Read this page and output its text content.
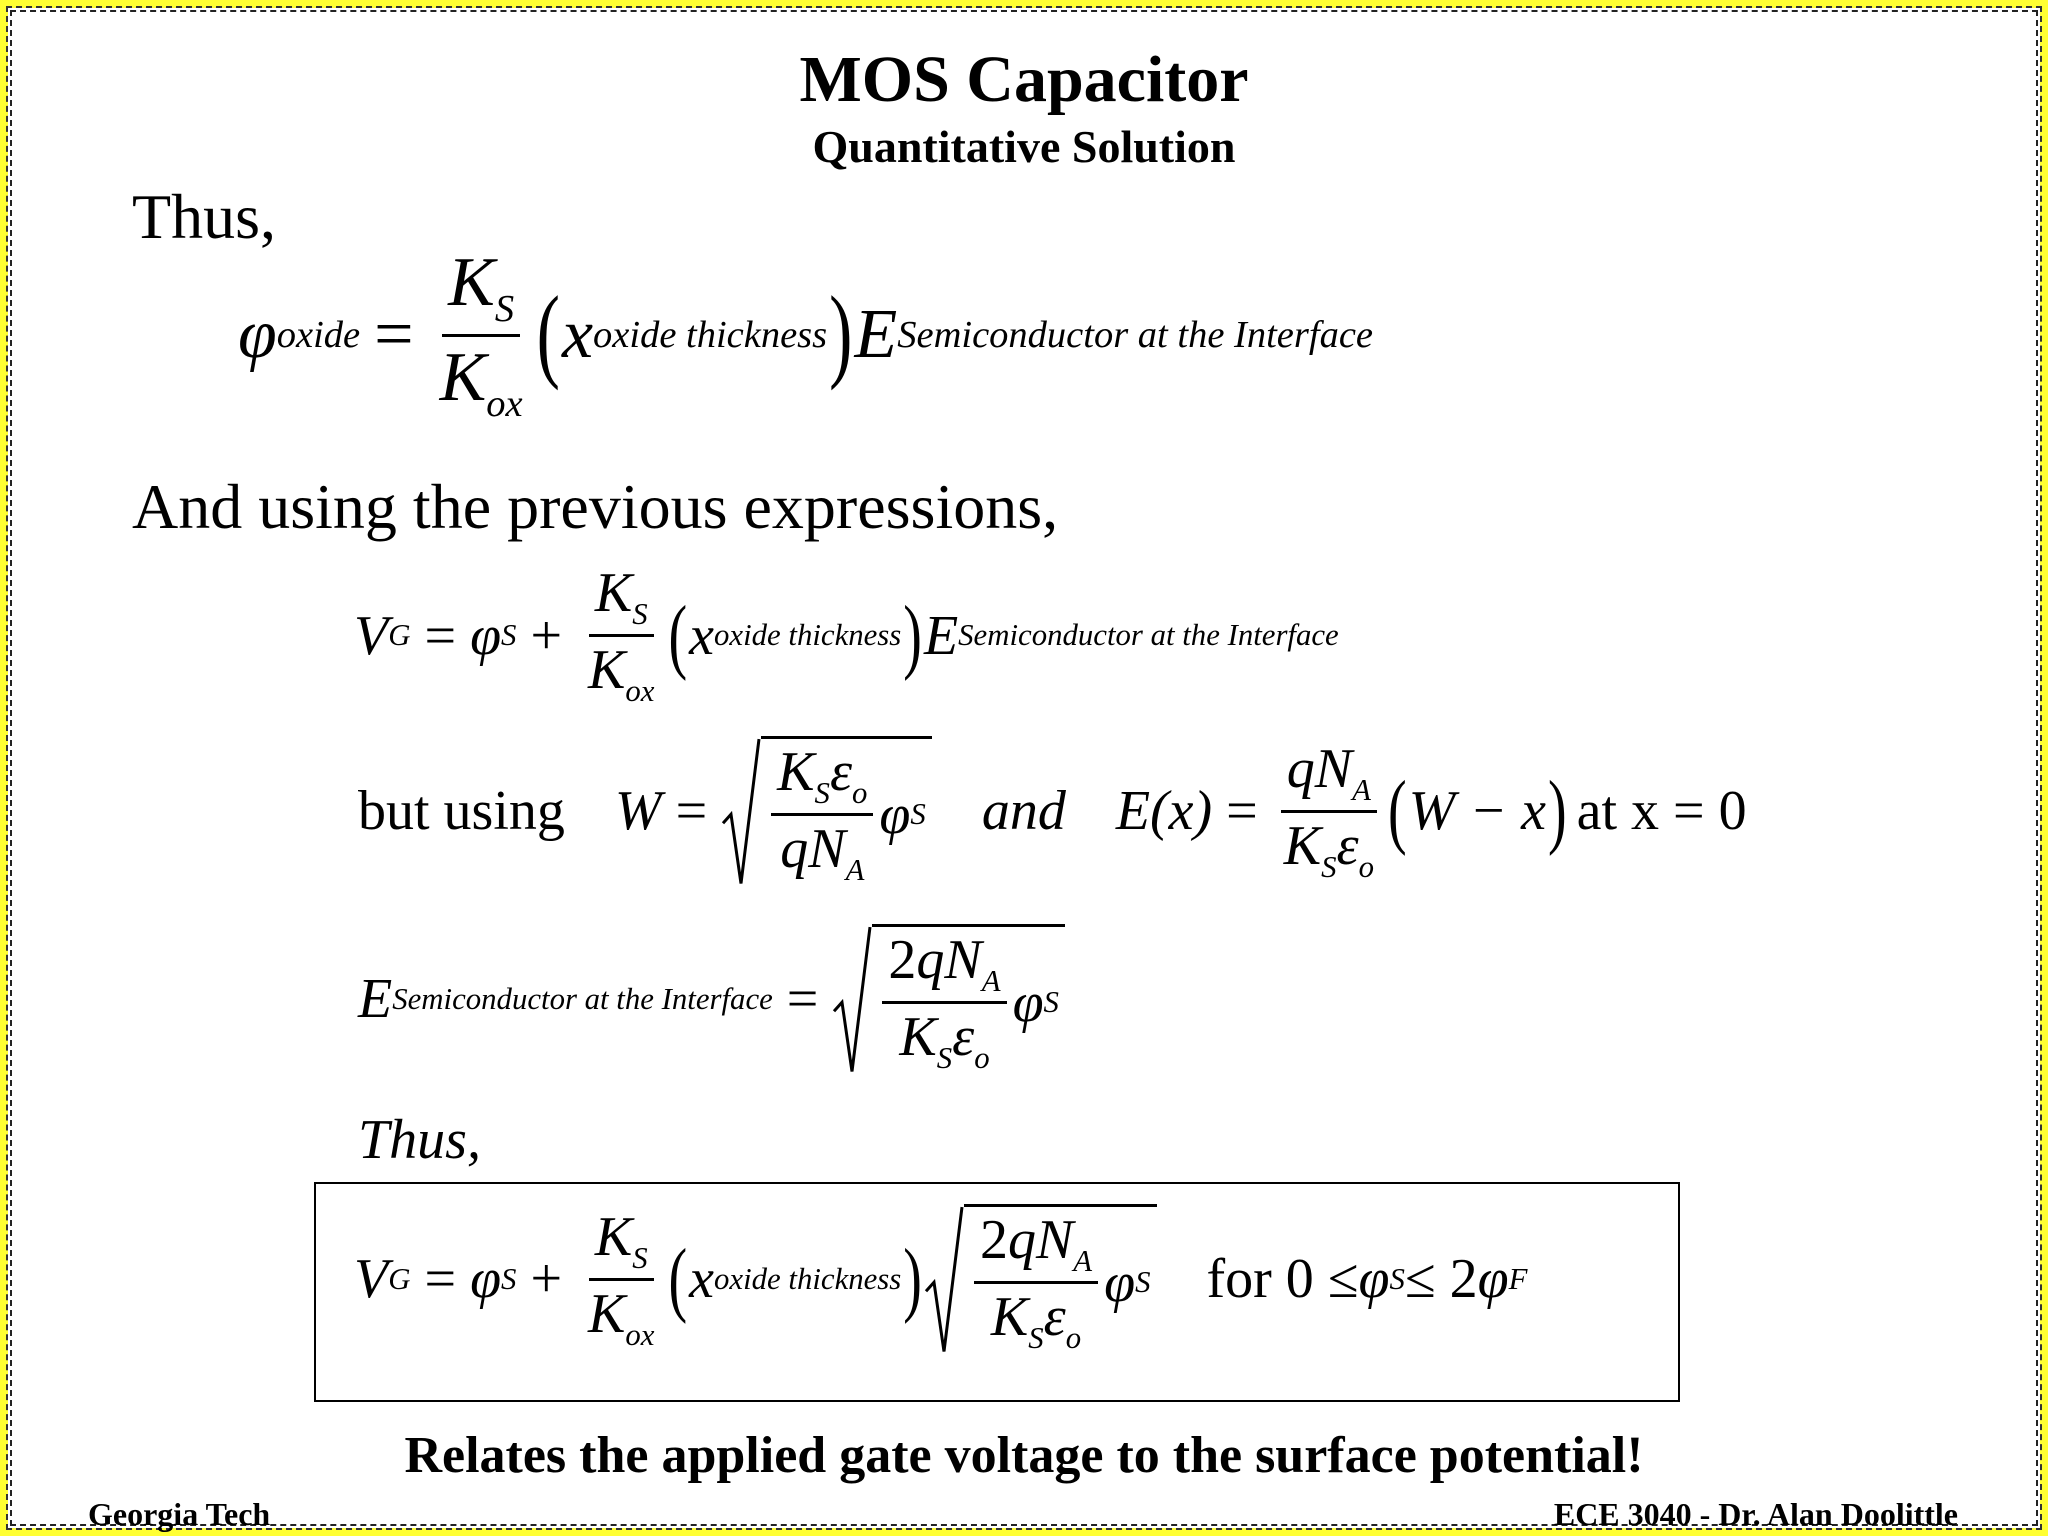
MOS Capacitor
Quantitative Solution
Thus,
φ oxide = $\frac{K_S}{K_{ox}}$ ( x oxide thickness ) E Semiconductor at the Interface
And using the previous expressions,
V G = φ $S + \frac{K_S}{K_{ox}}$ ( x oxide thickness ) E Semiconductor at the Interface
but using $W = \frac{K_S\varepsilon_o}{qN_A}$ φ S and $E(x) = \frac{qN_A}{K_S\varepsilon_o}$ ( W − x ) at x = 0
E Semiconductor at the Interface = $\frac{2qN_A}{K_S\varepsilon_o}$ φ S
Thus,
V G = φ $S + \frac{K_S}{K_{ox}}$ ( x oxide thickness ) $\frac{2qN_A}{K_S\varepsilon_o}$ φ S for 0 ≤ φ S ≤ 2 φ F
Relates the applied gate voltage to the surface potential!
Georgia Tech	ECE 3040 - Dr. Alan Doolittle
